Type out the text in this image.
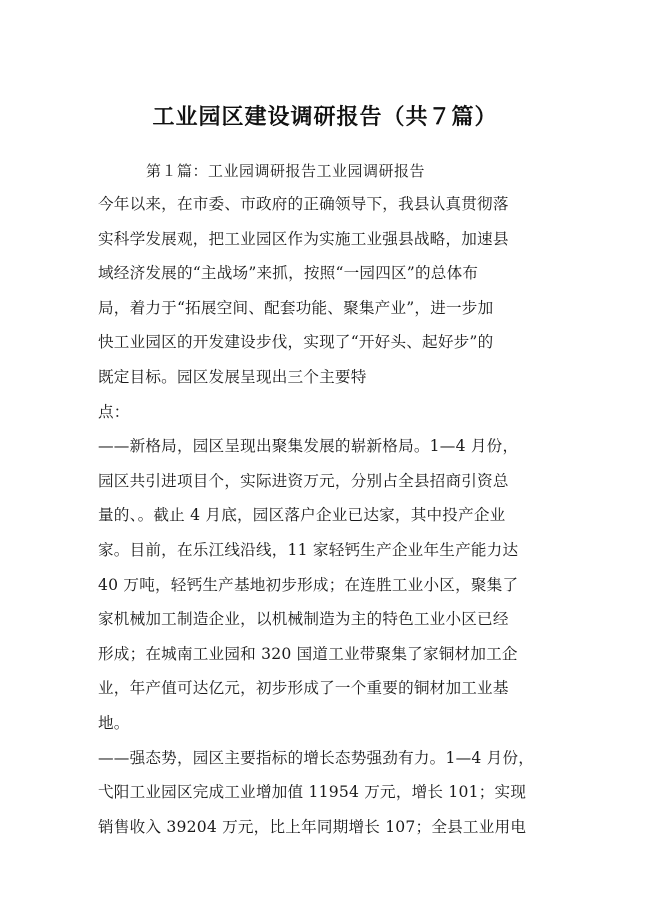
工业园区建设调研报告（共７篇）
第１篇：工业园调研报告工业园调研报告
今年以来，在市委、市政府的正确领导下，我县认真贯彻落
实科学发展观，把工业园区作为实施工业强县战略，加速县
域经济发展的“主战场”来抓，按照“一园四区”的总体布
局，着力于“拓展空间、配套功能、聚集产业”，进一步加
快工业园区的开发建设步伐，实现了“开好头、起好步”的
既定目标。园区发展呈现出三个主要特
点：
——新格局，园区呈现出聚集发展的崭新格局。1—4 月份，
园区共引进项目个，实际进资万元，分别占全县招商引资总
量的、。截止 4 月底，园区落户企业已达家，其中投产企业
家。目前，在乐江线沿线，11 家轻钙生产企业年生产能力达
40 万吨，轻钙生产基地初步形成；在连胜工业小区，聚集了
家机械加工制造企业，以机械制造为主的特色工业小区已经
形成；在城南工业园和 320 国道工业带聚集了家铜材加工企
业，年产值可达亿元，初步形成了一个重要的铜材加工业基
地。
——强态势，园区主要指标的增长态势强劲有力。1—4 月份，
弋阳工业园区完成工业增加值 11954 万元，增长 101；实现
销售收入 39204 万元，比上年同期增长 107；全县工业用电
